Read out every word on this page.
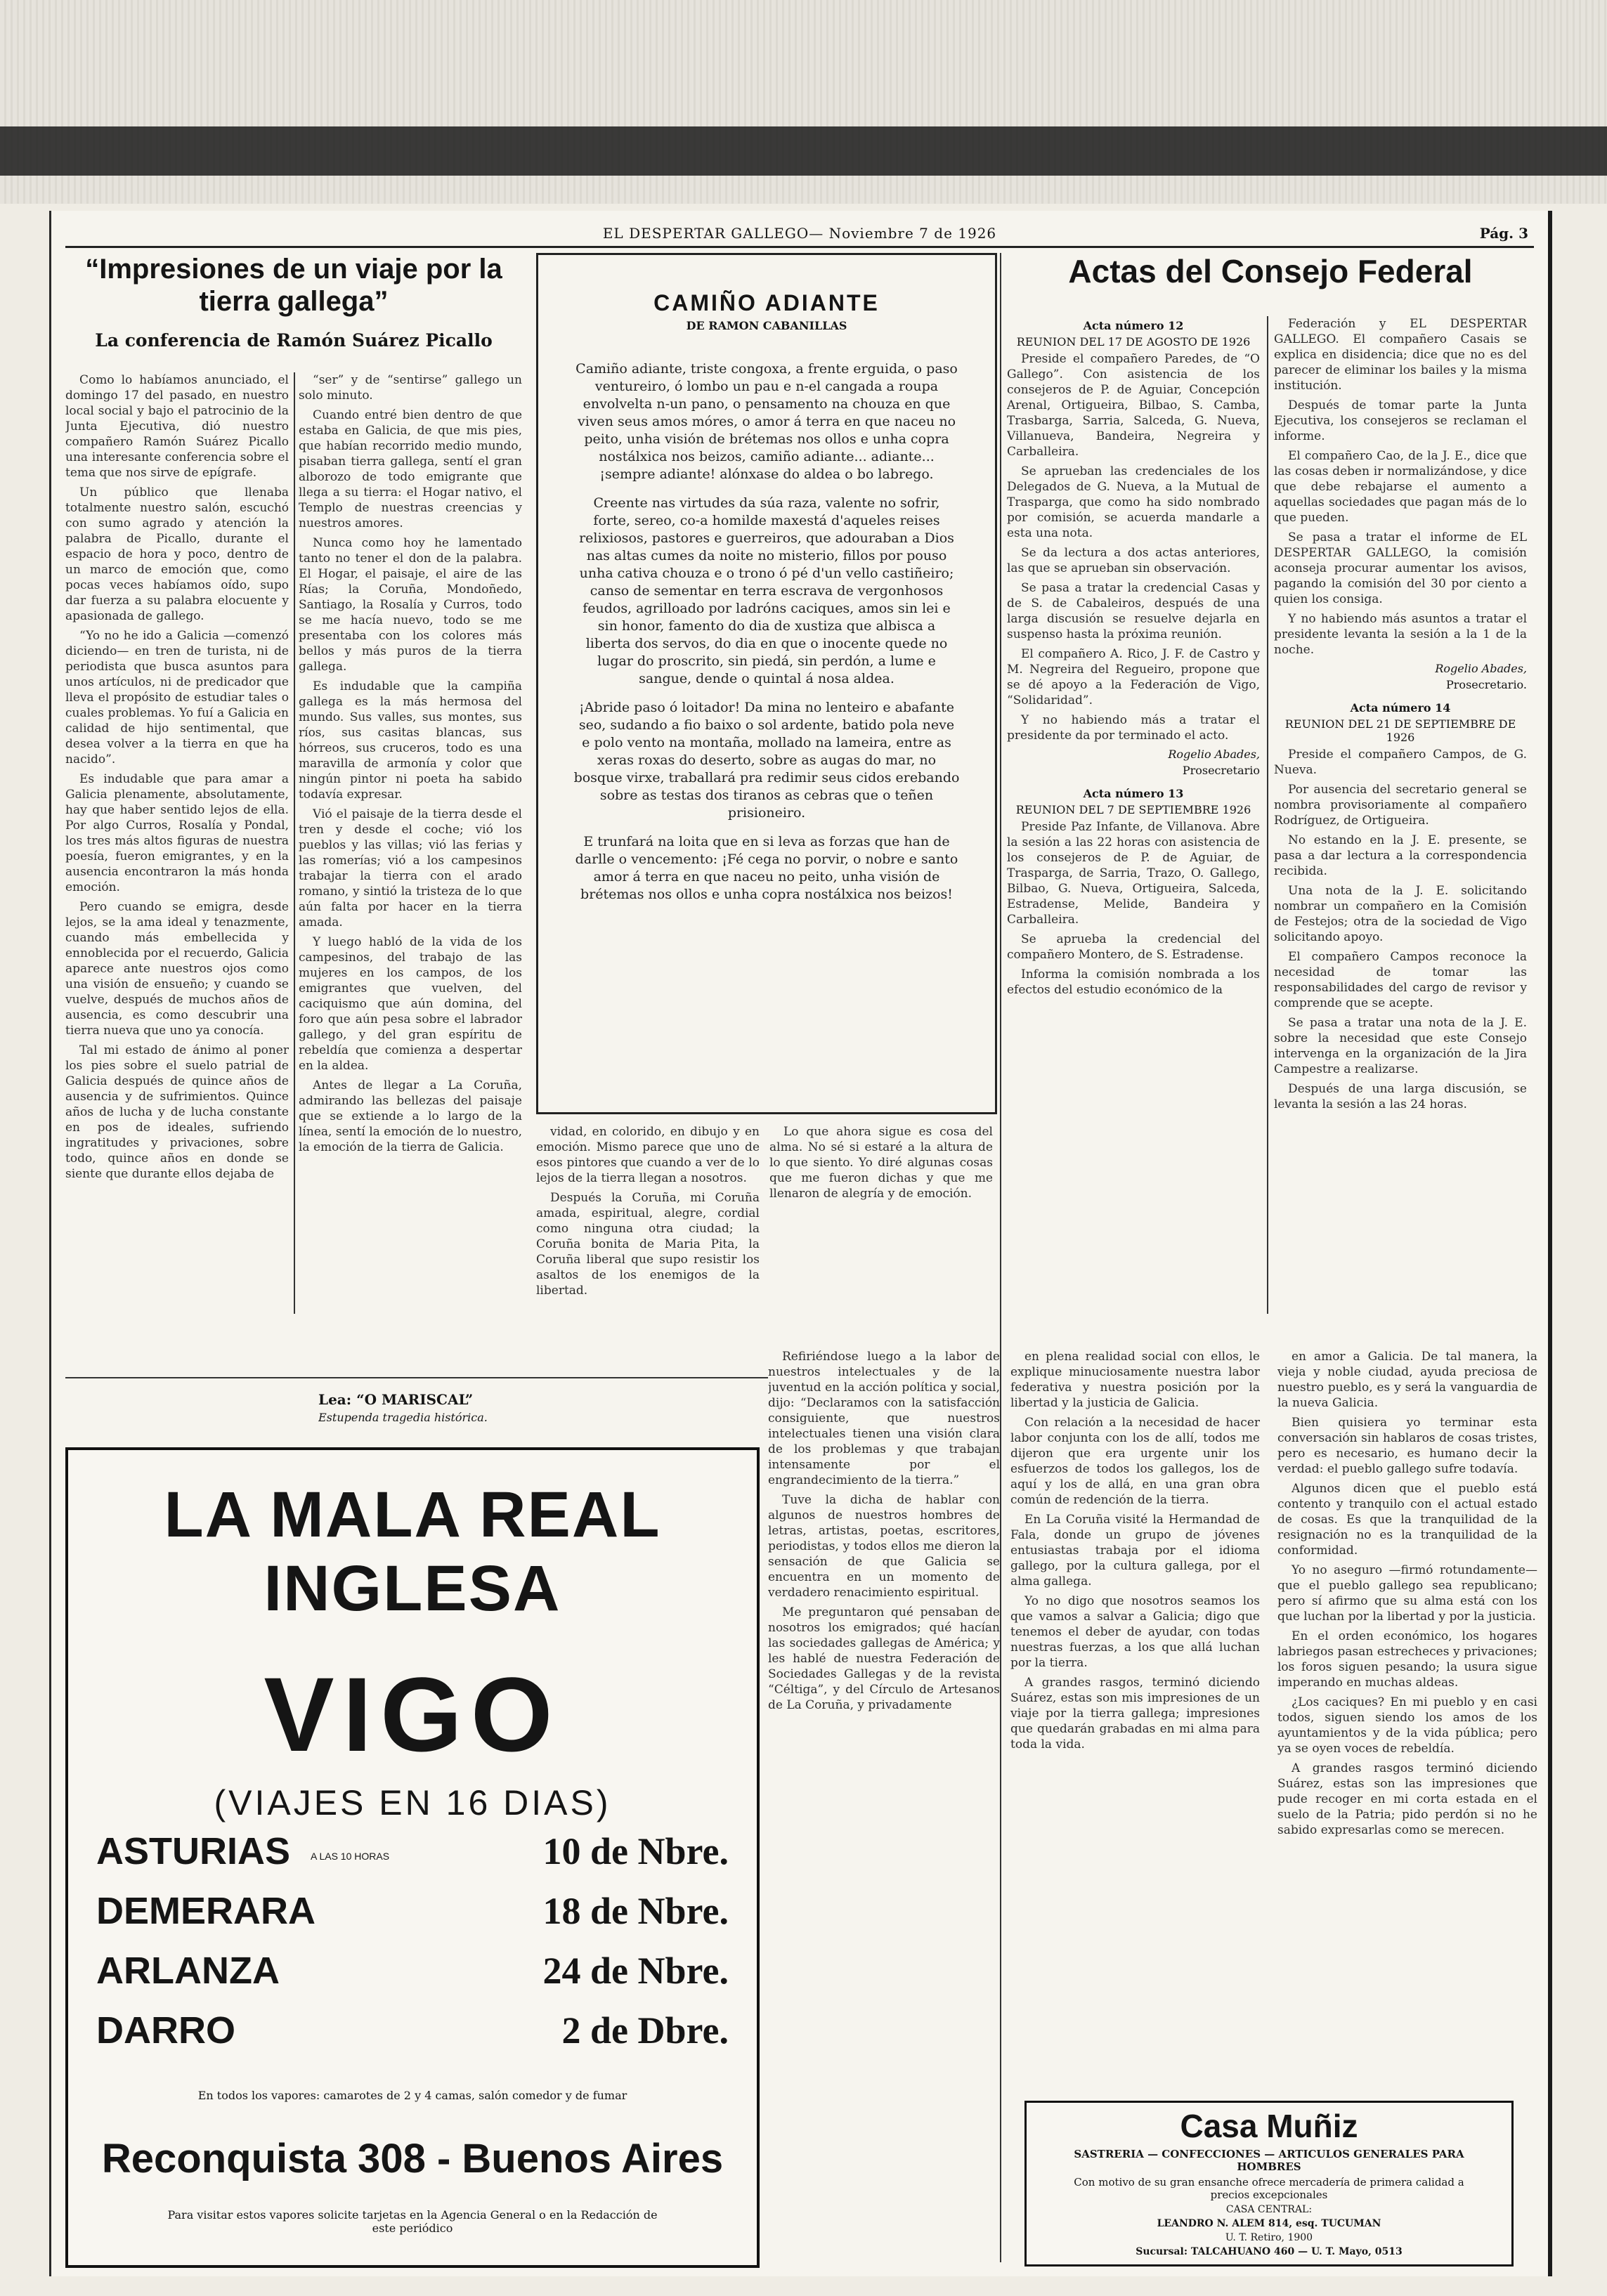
EL DESPERTAR GALLEGO— Noviembre 7 de 1926	Pág. 3
“Impresiones de un viaje por la tierra gallega”
La conferencia de Ramón Suárez Picallo

Como lo habíamos anunciado, el domingo 17 del pasado, en nuestro local social y bajo el patrocinio de la Junta Ejecutiva, dió nuestro compañero Ramón Suárez Picallo una interesante conferencia sobre el tema que nos sirve de epígrafe.

Un público que llenaba totalmente nuestro salón, escuchó con sumo agrado y atención la palabra de Picallo, durante el espacio de hora y poco, dentro de un marco de emoción que, como pocas veces habíamos oído, supo dar fuerza a su palabra elocuente y apasionada de gallego.

“Yo no he ido a Galicia —comenzó diciendo— en tren de turista, ni de periodista que busca asuntos para unos artículos, ni de predicador que lleva el propósito de estudiar tales o cuales problemas. Yo fuí a Galicia en calidad de hijo sentimental, que desea volver a la tierra en que ha nacido”.

Es indudable que para amar a Galicia plenamente, absolutamente, hay que haber sentido lejos de ella. Por algo Curros, Rosalía y Pondal, los tres más altos figuras de nuestra poesía, fueron emigrantes, y en la ausencia encontraron la más honda emoción.

Pero cuando se emigra, desde lejos, se la ama ideal y tenazmente, cuando más embellecida y ennoblecida por el recuerdo, Galicia aparece ante nuestros ojos como una visión de ensueño; y cuando se vuelve, después de muchos años de ausencia, es como descubrir una tierra nueva que uno ya conocía.

Tal mi estado de ánimo al poner los pies sobre el suelo patrial de Galicia después de quince años de ausencia y de sufrimientos. Quince años de lucha y de lucha constante en pos de ideales, sufriendo ingratitudes y privaciones, sobre todo, quince años en donde se siente que durante ellos dejaba de

“ser” y de “sentirse” gallego un solo minuto.

Cuando entré bien dentro de que estaba en Galicia, de que mis pies, que habían recorrido medio mundo, pisaban tierra gallega, sentí el gran alborozo de todo emigrante que llega a su tierra: el Hogar nativo, el Templo de nuestras creencias y nuestros amores.

Nunca como hoy he lamentado tanto no tener el don de la palabra. El Hogar, el paisaje, el aire de las Rías; la Coruña, Mondoñedo, Santiago, la Rosalía y Curros, todo se me hacía nuevo, todo se me presentaba con los colores más bellos y más puros de la tierra gallega.

Es indudable que la campiña gallega es la más hermosa del mundo. Sus valles, sus montes, sus ríos, sus casitas blancas, sus hórreos, sus cruceros, todo es una maravilla de armonía y color que ningún pintor ni poeta ha sabido todavía expresar.

Vió el paisaje de la tierra desde el tren y desde el coche; vió los pueblos y las villas; vió las ferias y las romerías; vió a los campesinos trabajar la tierra con el arado romano, y sintió la tristeza de lo que aún falta por hacer en la tierra amada.

Y luego habló de la vida de los campesinos, del trabajo de las mujeres en los campos, de los emigrantes que vuelven, del caciquismo que aún domina, del foro que aún pesa sobre el labrador gallego, y del gran espíritu de rebeldía que comienza a despertar en la aldea.

Antes de llegar a La Coruña, admirando las bellezas del paisaje que se extiende a lo largo de la línea, sentí la emoción de lo nuestro, la emoción de la tierra de Galicia.

CAMIÑO ADIANTE
DE RAMON CABANILLAS

Camiño adiante, triste congoxa, a frente erguida, o paso ventureiro, ó lombo un pau e n-el cangada a roupa envolvelta n-un pano, o pensamento na chouza en que viven seus amos móres, o amor á terra en que naceu no peito, unha visión de brétemas nos ollos e unha copra nostálxica nos beizos, camiño adiante... adiante... ¡sempre adiante! alónxase do aldea o bo labrego.

Creente nas virtudes da súa raza, valente no sofrir, forte, sereo, co-a homilde maxestá d'aqueles reises relixiosos, pastores e guerreiros, que adouraban a Dios nas altas cumes da noite no misterio, fillos por pouso unha cativa chouza e o trono ó pé d'un vello castiñeiro; canso de sementar en terra escrava de vergonhosos feudos, agrilloado por ladróns caciques, amos sin lei e sin honor, famento do dia de xustiza que albisca a liberta dos servos, do dia en que o inocente quede no lugar do proscrito, sin piedá, sin perdón, a lume e sangue, dende o quintal á nosa aldea.

¡Abride paso ó loitador! Da mina no lenteiro e abafante seo, sudando a fio baixo o sol ardente, batido pola neve e polo vento na montaña, mollado na lameira, entre as xeras roxas do deserto, sobre as augas do mar, no bosque virxe, traballará pra redimir seus cidos erebando sobre as testas dos tiranos as cebras que o teñen prisioneiro.

E trunfará na loita que en si leva as forzas que han de darlle o vencemento: ¡Fé cega no porvir, o nobre e santo amor á terra en que naceu no peito, unha visión de brétemas nos ollos e unha copra nostálxica nos beizos!

vidad, en colorido, en dibujo y en emoción. Mismo parece que uno de esos pintores que cuando a ver de lo lejos de la tierra llegan a nosotros.

Después la Coruña, mi Coruña amada, espiritual, alegre, cordial como ninguna otra ciudad; la Coruña bonita de Maria Pita, la Coruña liberal que supo resistir los asaltos de los enemigos de la libertad.

Lo que ahora sigue es cosa del alma. No sé si estaré a la altura de lo que siento. Yo diré algunas cosas que me fueron dichas y que me llenaron de alegría y de emoción.

Lea: “O MARISCAL”
Estupenda tragedia histórica.
Actas del Consejo Federal
Acta número 12
REUNION DEL 17 DE AGOSTO DE 1926

Preside el compañero Paredes, de “O Gallego”. Con asistencia de los consejeros de P. de Aguiar, Concepción Arenal, Ortigueira, Bilbao, S. Camba, Trasbarga, Sarria, Salceda, G. Nueva, Villanueva, Bandeira, Negreira y Carballeira.

Se aprueban las credenciales de los Delegados de G. Nueva, a la Mutual de Trasparga, que como ha sido nombrado por comisión, se acuerda mandarle a esta una nota.

Se da lectura a dos actas anteriores, las que se aprueban sin observación.

Se pasa a tratar la credencial Casas y de S. de Cabaleiros, después de una larga discusión se resuelve dejarla en suspenso hasta la próxima reunión.

El compañero A. Rico, J. F. de Castro y M. Negreira del Regueiro, propone que se dé apoyo a la Federación de Vigo, “Solidaridad”.

Y no habiendo más a tratar el presidente da por terminado el acto.

Rogelio Abades,
Prosecretario
Acta número 13
REUNION DEL 7 DE SEPTIEMBRE 1926

Preside Paz Infante, de Villanova. Abre la sesión a las 22 horas con asistencia de los consejeros de P. de Aguiar, de Trasparga, de Sarria, Trazo, O. Gallego, Bilbao, G. Nueva, Ortigueira, Salceda, Estradense, Melide, Bandeira y Carballeira.

Se aprueba la credencial del compañero Montero, de S. Estradense.

Informa la comisión nombrada a los efectos del estudio económico de la

Federación y EL DESPERTAR GALLEGO. El compañero Casais se explica en disidencia; dice que no es del parecer de eliminar los bailes y la misma institución.

Después de tomar parte la Junta Ejecutiva, los consejeros se reclaman el informe.

El compañero Cao, de la J. E., dice que las cosas deben ir normalizándose, y dice que debe rebajarse el aumento a aquellas sociedades que pagan más de lo que pueden.

Se pasa a tratar el informe de EL DESPERTAR GALLEGO, la comisión aconseja procurar aumentar los avisos, pagando la comisión del 30 por ciento a quien los consiga.

Y no habiendo más asuntos a tratar el presidente levanta la sesión a la 1 de la noche.

Rogelio Abades,
Prosecretario.
Acta número 14
REUNION DEL 21 DE SEPTIEMBRE DE 1926

Preside el compañero Campos, de G. Nueva.

Por ausencia del secretario general se nombra provisoriamente al compañero Rodríguez, de Ortigueira.

No estando en la J. E. presente, se pasa a dar lectura a la correspondencia recibida.

Una nota de la J. E. solicitando nombrar un compañero en la Comisión de Festejos; otra de la sociedad de Vigo solicitando apoyo.

El compañero Campos reconoce la necesidad de tomar las responsabilidades del cargo de revisor y comprende que se acepte.

Se pasa a tratar una nota de la J. E. sobre la necesidad que este Consejo intervenga en la organización de la Jira Campestre a realizarse.

Después de una larga discusión, se levanta la sesión a las 24 horas.

Refiriéndose luego a la labor de nuestros intelectuales y de la juventud en la acción política y social, dijo: “Declaramos con la satisfacción consiguiente, que nuestros intelectuales tienen una visión clara de los problemas y que trabajan intensamente por el engrandecimiento de la tierra.”

Tuve la dicha de hablar con algunos de nuestros hombres de letras, artistas, poetas, escritores, periodistas, y todos ellos me dieron la sensación de que Galicia se encuentra en un momento de verdadero renacimiento espiritual.

Me preguntaron qué pensaban de nosotros los emigrados; qué hacían las sociedades gallegas de América; y les hablé de nuestra Federación de Sociedades Gallegas y de la revista “Céltiga”, y del Círculo de Artesanos de La Coruña, y privadamente

en plena realidad social con ellos, le explique minuciosamente nuestra labor federativa y nuestra posición por la libertad y la justicia de Galicia.

Con relación a la necesidad de hacer labor conjunta con los de allí, todos me dijeron que era urgente unir los esfuerzos de todos los gallegos, los de aquí y los de allá, en una gran obra común de redención de la tierra.

En La Coruña visité la Hermandad de Fala, donde un grupo de jóvenes entusiastas trabaja por el idioma gallego, por la cultura gallega, por el alma gallega.

Yo no digo que nosotros seamos los que vamos a salvar a Galicia; digo que tenemos el deber de ayudar, con todas nuestras fuerzas, a los que allá luchan por la tierra.

A grandes rasgos, terminó diciendo Suárez, estas son mis impresiones de un viaje por la tierra gallega; impresiones que quedarán grabadas en mi alma para toda la vida.

en amor a Galicia. De tal manera, la vieja y noble ciudad, ayuda preciosa de nuestro pueblo, es y será la vanguardia de la nueva Galicia.

Bien quisiera yo terminar esta conversación sin hablaros de cosas tristes, pero es necesario, es humano decir la verdad: el pueblo gallego sufre todavía.

Algunos dicen que el pueblo está contento y tranquilo con el actual estado de cosas. Es que la tranquilidad de la resignación no es la tranquilidad de la conformidad.

Yo no aseguro —firmó rotundamente— que el pueblo gallego sea republicano; pero sí afirmo que su alma está con los que luchan por la libertad y por la justicia.

En el orden económico, los hogares labriegos pasan estrecheces y privaciones; los foros siguen pesando; la usura sigue imperando en muchas aldeas.

¿Los caciques? En mi pueblo y en casi todos, siguen siendo los amos de los ayuntamientos y de la vida pública; pero ya se oyen voces de rebeldía.

A grandes rasgos terminó diciendo Suárez, estas son las impresiones que pude recoger en mi corta estada en el suelo de la Patria; pido perdón si no he sabido expresarlas como se merecen.

LA MALA REAL INGLESA
VIGO
(VIAJES EN 16 DIAS)
ASTURIAS A LAS 10 HORAS	10 de Nbre.
DEMERARA	18 de Nbre.
ARLANZA	24 de Nbre.
DARRO	2 de Dbre.
En todos los vapores: camarotes de 2 y 4 camas, salón comedor y de fumar
Reconquista 308 - Buenos Aires
Para visitar estos vapores solicite tarjetas en la Agencia General o en la Redacción de este periódico
Casa Muñiz
SASTRERIA — CONFECCIONES — ARTICULOS GENERALES PARA HOMBRES
Con motivo de su gran ensanche ofrece mercadería de primera calidad a precios excepcionales
CASA CENTRAL:
LEANDRO N. ALEM 814, esq. TUCUMAN
U. T. Retiro, 1900
Sucursal: TALCAHUANO 460 — U. T. Mayo, 0513
